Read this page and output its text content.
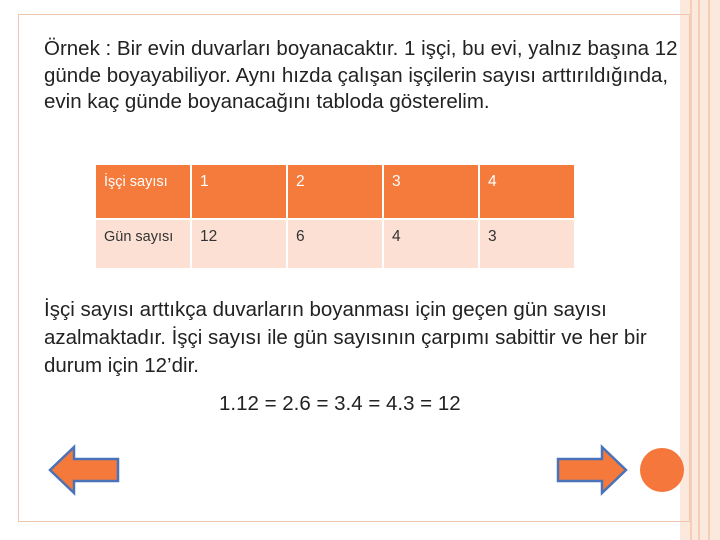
Örnek : Bir evin duvarları boyanacaktır. 1 işçi, bu evi, yalnız başına 12 günde boyayabiliyor. Aynı hızda çalışan işçilerin sayısı arttırıldığında, evin kaç günde boyanacağını tabloda gösterelim.
İşçi sayısı	1	2	3	4

Gün sayısı	12	6	4	3
İşçi sayısı arttıkça duvarların boyanması için geçen gün sayısı azalmaktadır. İşçi sayısı ile gün sayısının çarpımı sabittir ve her bir durum için 12’dir.
1.12 = 2.6 = 3.4 = 4.3 = 12
